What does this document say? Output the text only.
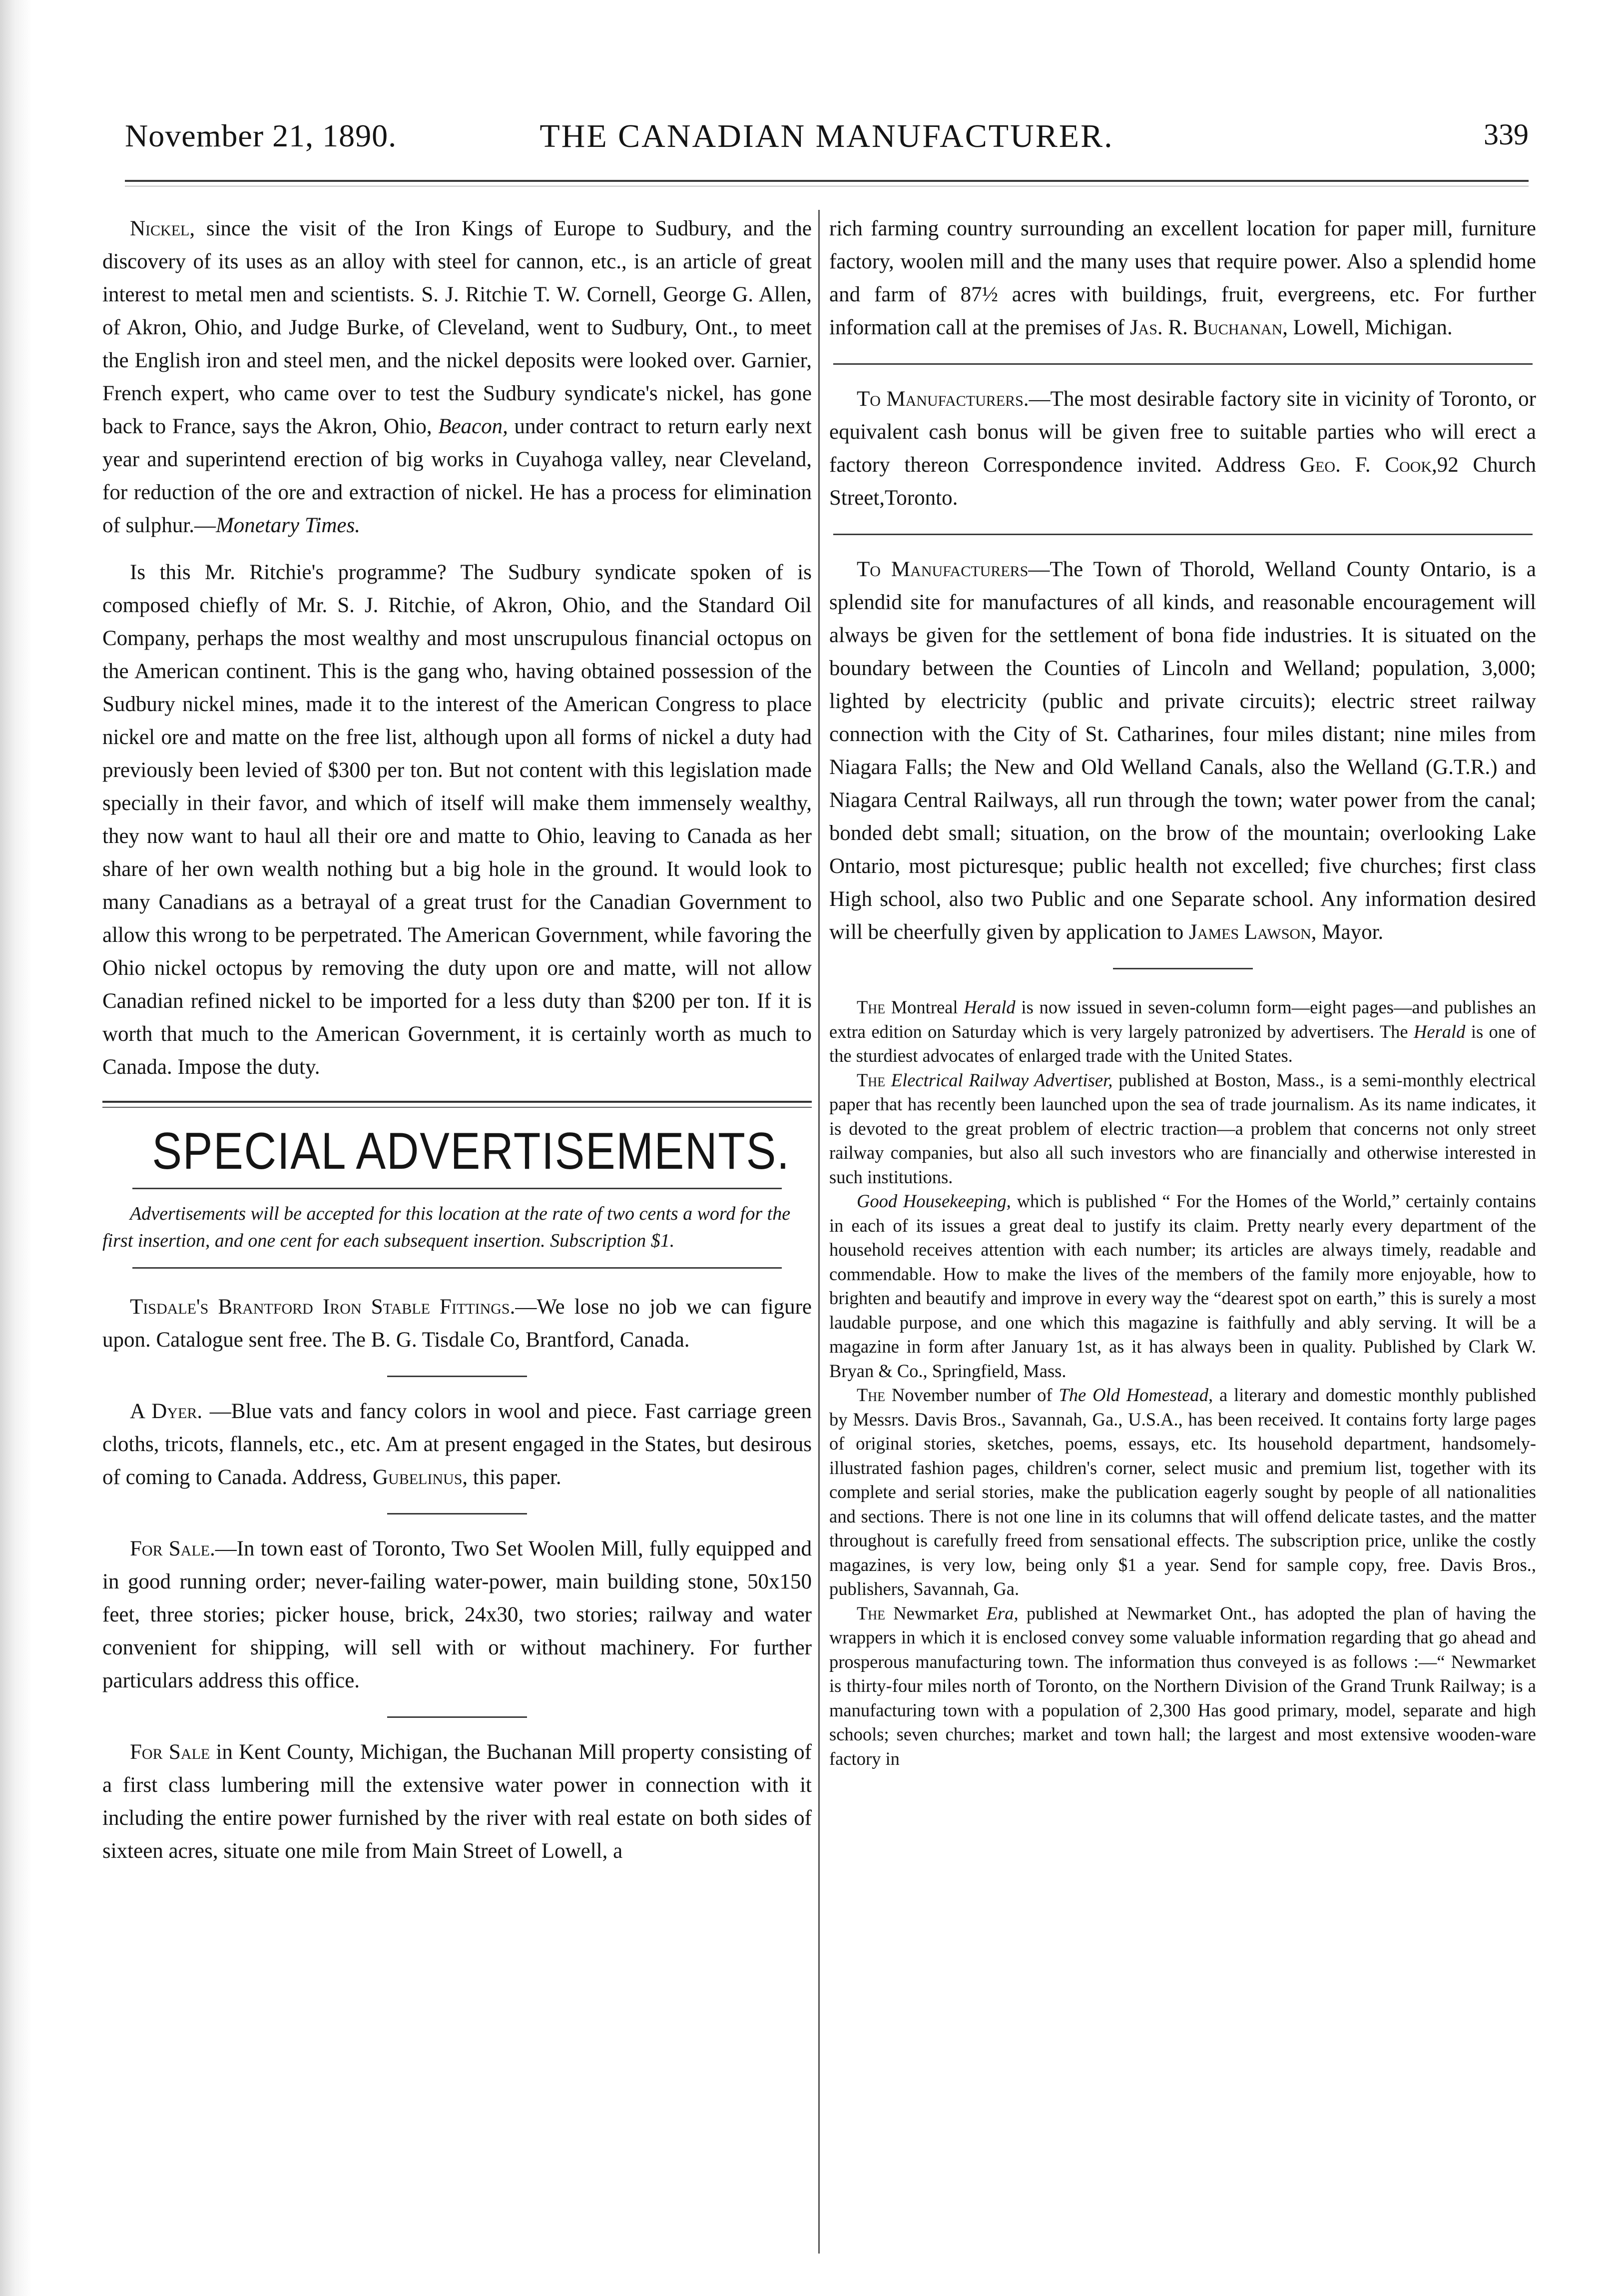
November 21, 1890.	THE CANADIAN MANUFACTURER.	339

Nickel, since the visit of the Iron Kings of Europe to Sudbury, and the discovery of its uses as an alloy with steel for cannon, etc., is an article of great interest to metal men and scientists. S. J. Ritchie T. W. Cornell, George G. Allen, of Akron, Ohio, and Judge Burke, of Cleveland, went to Sudbury, Ont., to meet the English iron and steel men, and the nickel deposits were looked over. Garnier, French expert, who came over to test the Sudbury syndicate's nickel, has gone back to France, says the Akron, Ohio, Beacon, under contract to return early next year and superintend erection of big works in Cuyahoga valley, near Cleveland, for reduction of the ore and extraction of nickel. He has a process for elimination of sulphur.—Monetary Times.

Is this Mr. Ritchie's programme? The Sudbury syndicate spoken of is composed chiefly of Mr. S. J. Ritchie, of Akron, Ohio, and the Standard Oil Company, perhaps the most wealthy and most unscrupulous financial octopus on the American continent. This is the gang who, having obtained possession of the Sudbury nickel mines, made it to the interest of the American Congress to place nickel ore and matte on the free list, although upon all forms of nickel a duty had previously been levied of $300 per ton. But not content with this legislation made specially in their favor, and which of itself will make them immensely wealthy, they now want to haul all their ore and matte to Ohio, leaving to Canada as her share of her own wealth nothing but a big hole in the ground. It would look to many Canadians as a betrayal of a great trust for the Canadian Government to allow this wrong to be perpetrated. The American Government, while favoring the Ohio nickel octopus by removing the duty upon ore and matte, will not allow Canadian refined nickel to be imported for a less duty than $200 per ton. If it is worth that much to the American Government, it is certainly worth as much to Canada. Impose the duty.

SPECIAL ADVERTISEMENTS.
Advertisements will be accepted for this location at the rate of two cents a word for the first insertion, and one cent for each subsequent insertion. Subscription $1.

Tisdale's Brantford Iron Stable Fittings.—We lose no job we can figure upon. Catalogue sent free. The B. G. Tisdale Co, Brantford, Canada.

A Dyer. —Blue vats and fancy colors in wool and piece. Fast carriage green cloths, tricots, flannels, etc., etc. Am at present engaged in the States, but desirous of coming to Canada. Address, Gubelinus, this paper.

For Sale.—In town east of Toronto, Two Set Woolen Mill, fully equipped and in good running order; never-failing water-power, main building stone, 50x150 feet, three stories; picker house, brick, 24x30, two stories; railway and water convenient for shipping, will sell with or without machinery. For further particulars address this office.

For Sale in Kent County, Michigan, the Buchanan Mill property consisting of a first class lumbering mill the extensive water power in connection with it including the entire power furnished by the river with real estate on both sides of sixteen acres, situate one mile from Main Street of Lowell, a

rich farming country surrounding an excellent location for paper mill, furniture factory, woolen mill and the many uses that require power. Also a splendid home and farm of 87½ acres with buildings, fruit, evergreens, etc. For further information call at the premises of Jas. R. Buchanan, Lowell, Michigan.

To Manufacturers.—The most desirable factory site in vicinity of Toronto, or equivalent cash bonus will be given free to suitable parties who will erect a factory thereon Correspondence invited. Address Geo. F. Cook,92 Church Street,Toronto.

To Manufacturers—The Town of Thorold, Welland County Ontario, is a splendid site for manufactures of all kinds, and reasonable encouragement will always be given for the settlement of bona fide industries. It is situated on the boundary between the Counties of Lincoln and Welland; population, 3,000; lighted by electricity (public and private circuits); electric street railway connection with the City of St. Catharines, four miles distant; nine miles from Niagara Falls; the New and Old Welland Canals, also the Welland (G.T.R.) and Niagara Central Railways, all run through the town; water power from the canal; bonded debt small; situation, on the brow of the mountain; overlooking Lake Ontario, most picturesque; public health not excelled; five churches; first class High school, also two Public and one Separate school. Any information desired will be cheerfully given by application to James Lawson, Mayor.

The Montreal Herald is now issued in seven-column form—eight pages—and publishes an extra edition on Saturday which is very largely patronized by advertisers. The Herald is one of the sturdiest advocates of enlarged trade with the United States.

The Electrical Railway Advertiser, published at Boston, Mass., is a semi-monthly electrical paper that has recently been launched upon the sea of trade journalism. As its name indicates, it is devoted to the great problem of electric traction—a problem that concerns not only street railway companies, but also all such investors who are financially and otherwise interested in such institutions.

Good Housekeeping, which is published “ For the Homes of the World,” certainly contains in each of its issues a great deal to justify its claim. Pretty nearly every department of the household receives attention with each number; its articles are always timely, readable and commendable. How to make the lives of the members of the family more enjoyable, how to brighten and beautify and improve in every way the “dearest spot on earth,” this is surely a most laudable purpose, and one which this magazine is faithfully and ably serving. It will be a magazine in form after January 1st, as it has always been in quality. Published by Clark W. Bryan & Co., Springfield, Mass.

The November number of The Old Homestead, a literary and domestic monthly published by Messrs. Davis Bros., Savannah, Ga., U.S.A., has been received. It contains forty large pages of original stories, sketches, poems, essays, etc. Its household department, handsomely-illustrated fashion pages, children's corner, select music and premium list, together with its complete and serial stories, make the publication eagerly sought by people of all nationalities and sections. There is not one line in its columns that will offend delicate tastes, and the matter throughout is carefully freed from sensational effects. The subscription price, unlike the costly magazines, is very low, being only $1 a year. Send for sample copy, free. Davis Bros., publishers, Savannah, Ga.

The Newmarket Era, published at Newmarket Ont., has adopted the plan of having the wrappers in which it is enclosed convey some valuable information regarding that go ahead and prosperous manufacturing town. The information thus conveyed is as follows :—“ Newmarket is thirty-four miles north of Toronto, on the Northern Division of the Grand Trunk Railway; is a manufacturing town with a population of 2,300 Has good primary, model, separate and high schools; seven churches; market and town hall; the largest and most extensive wooden-ware factory in
